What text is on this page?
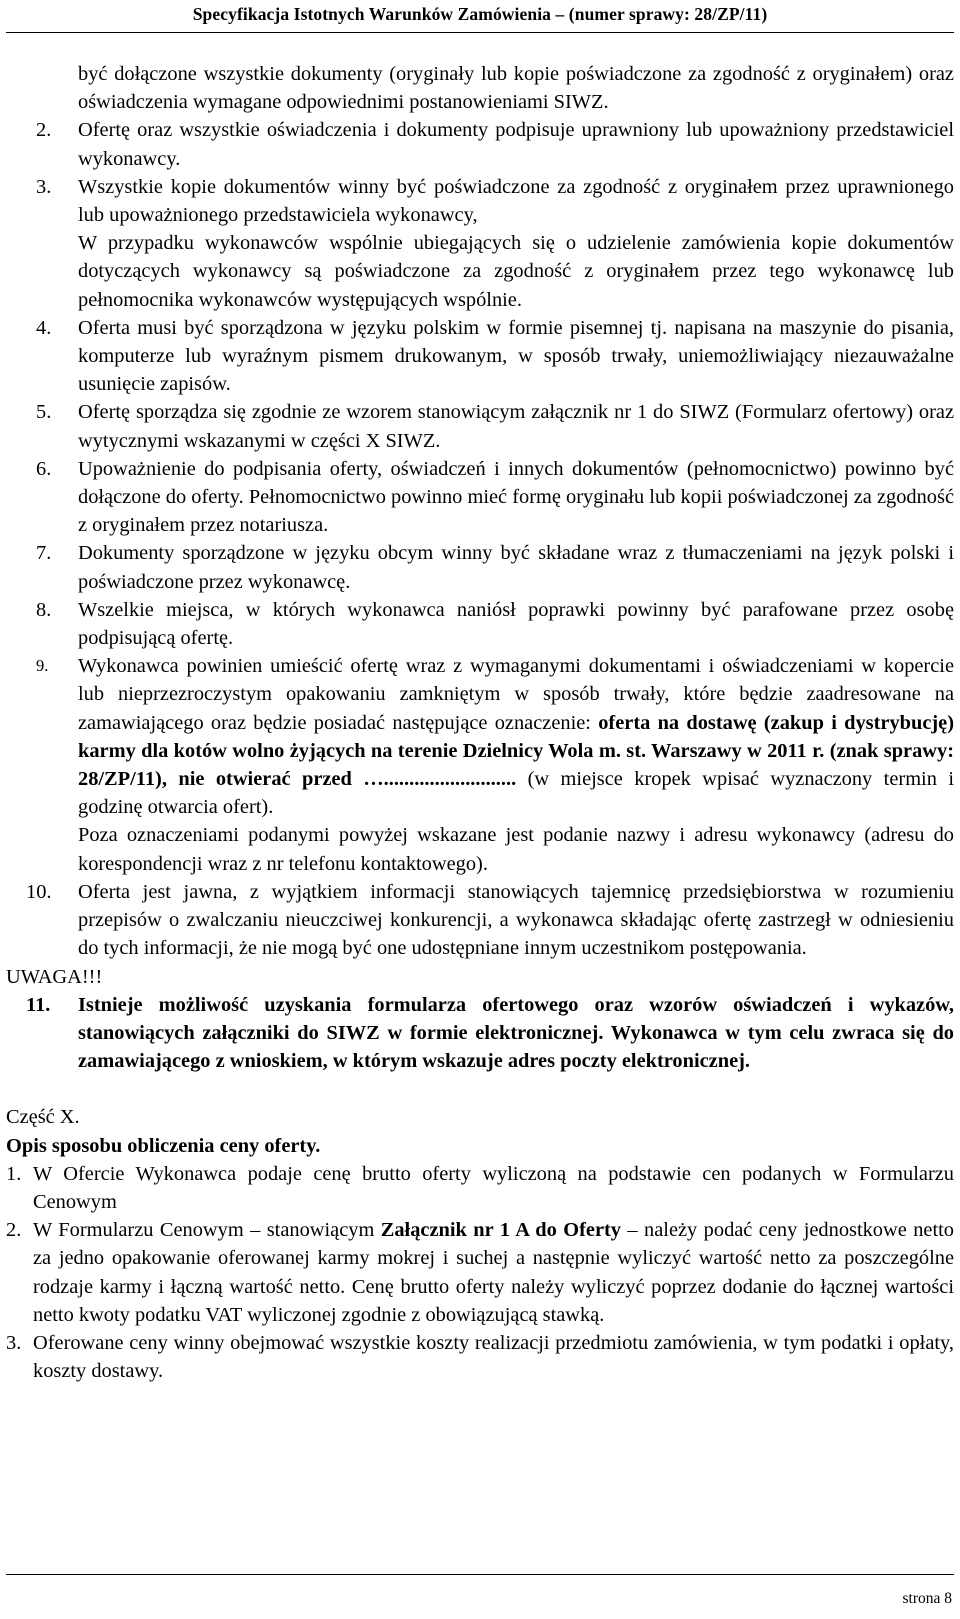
Specyfikacja Istotnych Warunków Zamówienia – (numer sprawy: 28/ZP/11)
być dołączone wszystkie dokumenty (oryginały lub kopie poświadczone za zgodność z oryginałem) oraz oświadczenia wymagane odpowiednimi postanowieniami SIWZ.
2. Ofertę oraz wszystkie oświadczenia i dokumenty podpisuje uprawniony lub upoważniony przedstawiciel wykonawcy.
3. Wszystkie kopie dokumentów winny być poświadczone za zgodność z oryginałem przez uprawnionego lub upoważnionego przedstawiciela wykonawcy,
W przypadku wykonawców wspólnie ubiegających się o udzielenie zamówienia kopie dokumentów dotyczących wykonawcy są poświadczone za zgodność z oryginałem przez tego wykonawcę lub pełnomocnika wykonawców występujących wspólnie.
4. Oferta musi być sporządzona w języku polskim w formie pisemnej tj. napisana na maszynie do pisania, komputerze lub wyraźnym pismem drukowanym, w sposób trwały, uniemożliwiający niezauważalne usunięcie zapisów.
5. Ofertę sporządza się zgodnie ze wzorem stanowiącym załącznik nr 1 do SIWZ (Formularz ofertowy) oraz wytycznymi wskazanymi w części X SIWZ.
6. Upoważnienie do podpisania oferty, oświadczeń i innych dokumentów (pełnomocnictwo) powinno być dołączone do oferty. Pełnomocnictwo powinno mieć formę oryginału lub kopii poświadczonej za zgodność z oryginałem przez notariusza.
7. Dokumenty sporządzone w języku obcym winny być składane wraz z tłumaczeniami na język polski i poświadczone przez wykonawcę.
8. Wszelkie miejsca, w których wykonawca naniósł poprawki powinny być parafowane przez osobę podpisującą ofertę.
9. Wykonawca powinien umieścić ofertę wraz z wymaganymi dokumentami i oświadczeniami w kopercie lub nieprzezroczystym opakowaniu zamkniętym w sposób trwały, które będzie zaadresowane na zamawiającego oraz będzie posiadać następujące oznaczenie: oferta na dostawę (zakup i dystrybucję) karmy dla kotów wolno żyjących na terenie Dzielnicy Wola m. st. Warszawy w 2011 r. (znak sprawy: 28/ZP/11), nie otwierać przed ….......................... (w miejsce kropek wpisać wyznaczony termin i godzinę otwarcia ofert).
Poza oznaczeniami podanymi powyżej wskazane jest podanie nazwy i adresu wykonawcy (adresu do korespondencji wraz z nr telefonu kontaktowego).
10. Oferta jest jawna, z wyjątkiem informacji stanowiących tajemnicę przedsiębiorstwa w rozumieniu przepisów o zwalczaniu nieuczciwej konkurencji, a wykonawca składając ofertę zastrzegł w odniesieniu do tych informacji, że nie mogą być one udostępniane innym uczestnikom postępowania.
UWAGA!!!
11. Istnieje możliwość uzyskania formularza ofertowego oraz wzorów oświadczeń i wykazów, stanowiących załączniki do SIWZ w formie elektronicznej. Wykonawca w tym celu zwraca się do zamawiającego z wnioskiem, w którym wskazuje adres poczty elektronicznej.
Część X.
Opis sposobu obliczenia ceny oferty.
1. W Ofercie Wykonawca podaje cenę brutto oferty wyliczoną na podstawie cen podanych w Formularzu Cenowym
2. W Formularzu Cenowym – stanowiącym Załącznik nr 1 A do Oferty – należy podać ceny jednostkowe netto za jedno opakowanie oferowanej karmy mokrej i suchej a następnie wyliczyć wartość netto za poszczególne rodzaje karmy i łączną wartość netto. Cenę brutto oferty należy wyliczyć poprzez dodanie do łącznej wartości netto kwoty podatku VAT wyliczonej zgodnie z obowiązującą stawką.
3. Oferowane ceny winny obejmować wszystkie koszty realizacji przedmiotu zamówienia, w tym podatki i opłaty, koszty dostawy.
strona 8
